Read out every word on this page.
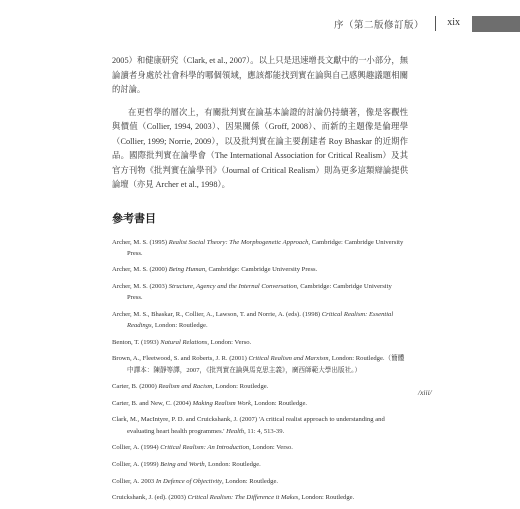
序（第二版修訂版） xix

2005）和健康研究（Clark, et al., 2007）。以上只是迅速增長文獻中的一小部分，無論讀者身處於社會科學的哪個領域，應該都能找到實在論與自己感興趣議題相關的討論。

在更哲學的層次上，有關批判實在論基本論證的討論仍持續著，像是客觀性與價值（Collier, 1994, 2003）、因果關係（Groff, 2008）、而新的主題像是倫理學（Collier, 1999; Norrie, 2009），以及批判實在論主要創建者 Roy Bhaskar 的近期作品。國際批判實在論學會（The International Association for Critical Realism）及其官方刊物《批判實在論學刊》（Journal of Critical Realism）則為更多這類辯論提供論壇（亦見 Archer et al., 1998）。

參考書目

Archer, M. S. (1995) Realist Social Theory: The Morphogenetic Approach, Cambridge: Cambridge University Press.

Archer, M. S. (2000) Being Human, Cambridge: Cambridge University Press.

Archer, M. S. (2003) Structure, Agency and the Internal Conversation, Cambridge: Cambridge University Press.

Archer, M. S., Bhaskar, R., Collier, A., Lawson, T. and Norrie, A. (eds). (1998) Critical Realism: Essential Readings, London: Routledge.

Benton, T. (1993) Natural Relations, London: Verso.

Brown, A., Fleetwood, S. and Roberts, J. R. (2001) Critical Realism and Marxism, London: Routledge.（簡體中譯本：陳靜等譯，2007，《批判實在論與馬克思主義》，廣西師範大學出版社。）

Carter, B. (2000) Realism and Racism, London: Routledge.

Carter, B. and New, C. (2004) Making Realism Work, London: Routledge.

Clark, M., MacIntyre, P. D. and Cruickshank, J. (2007) 'A critical realist approach to understanding and evaluating heart health programmes.' Health, 11: 4, 513-39.

Collier, A. (1994) Critical Realism: An Introduction, London: Verso.

Collier, A. (1999) Being and Worth, London: Routledge.

Collier, A. 2003 In Defence of Objectivity, London: Routledge.

Cruickshank, J. (ed). (2003) Critical Realism: The Difference it Makes, London: Routledge.

/xiii/
